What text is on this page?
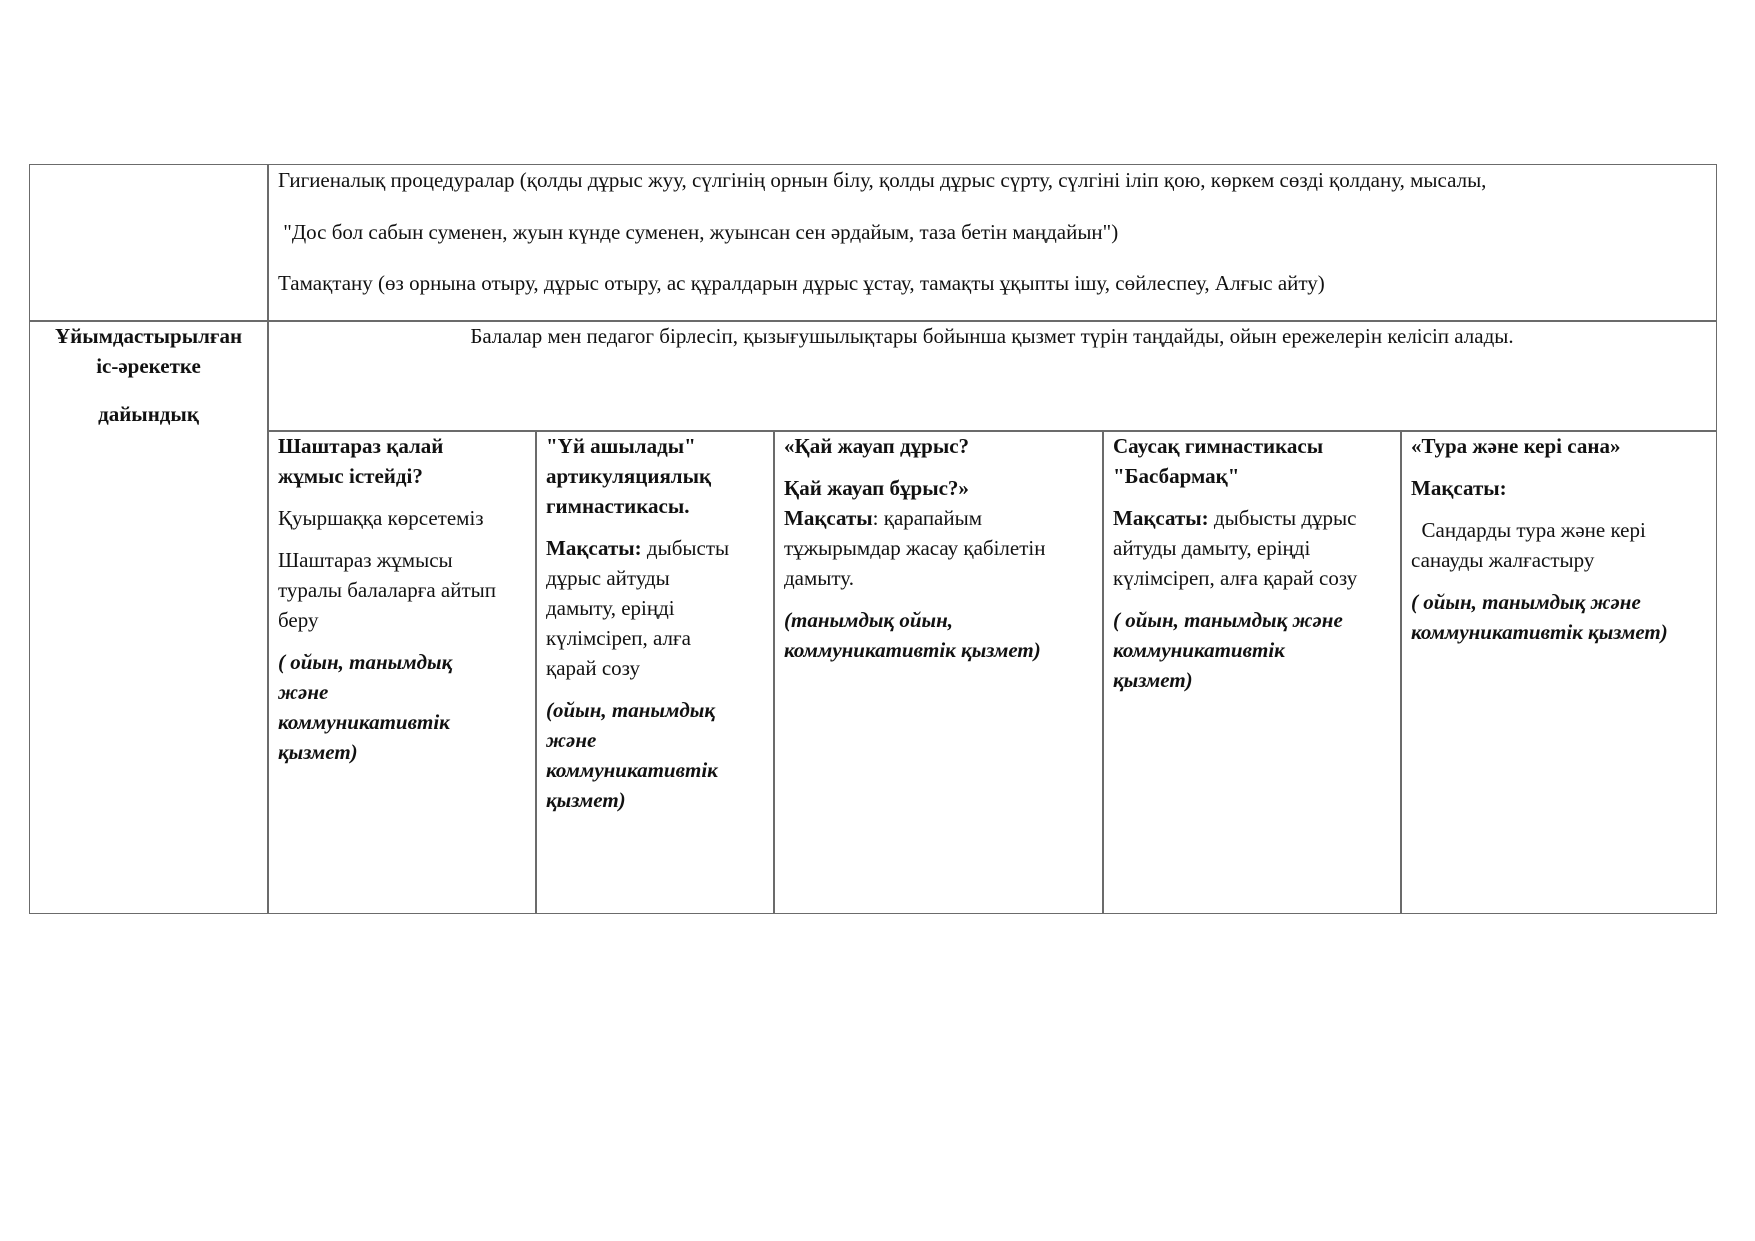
Гигиеналық процедуралар (қолды дұрыс жуу, сүлгінің орнын білу, қолды дұрыс сүрту, сүлгіні іліп қою, көркем сөзді қолдану, мысалы,

"Дос бол сабын суменен, жуын күнде суменен, жуынсан сен әрдайым, таза бетін маңдайын")

Тамақтану (өз орнына отыру, дұрыс отыру, ас құралдарын дұрыс ұстау, тамақты ұқыпты ішу, сөйлеспеу, Алғыс айту)

Ұйымдастырылған
іс-әрекетке
дайындық

Балалар мен педагог бірлесіп, қызығушылықтары бойынша қызмет түрін таңдайды, ойын ережелерін келісіп алады.

Шаштараз қалай

жұмыс істейді?

Қуыршаққа көрсетеміз

Шаштараз жұмысы

туралы балаларға айтып

беру

( ойын, танымдық

және

коммуникативтік

қызмет)

"Үй ашылады"

артикуляциялық

гимнастикасы.

Мақсаты: дыбысты

дұрыс айтуды

дамыту, еріңді

күлімсіреп, алға

қарай созу

(ойын, танымдық

және

коммуникативтік

қызмет)

«Қай жауап дұрыс?

Қай жауап бұрыс?»

Мақсаты: қарапайым

тұжырымдар жасау қабілетін

дамыту.

(танымдық ойын,

коммуникативтік қызмет)

Саусақ гимнастикасы

"Басбармақ"

Мақсаты: дыбысты дұрыс

айтуды дамыту, еріңді

күлімсіреп, алға қарай созу

( ойын, танымдық және

коммуникативтік

қызмет)

«Тура және кері сана»

Мақсаты:

Сандарды тура және кері

санауды жалғастыру

( ойын, танымдық және

коммуникативтік қызмет)
